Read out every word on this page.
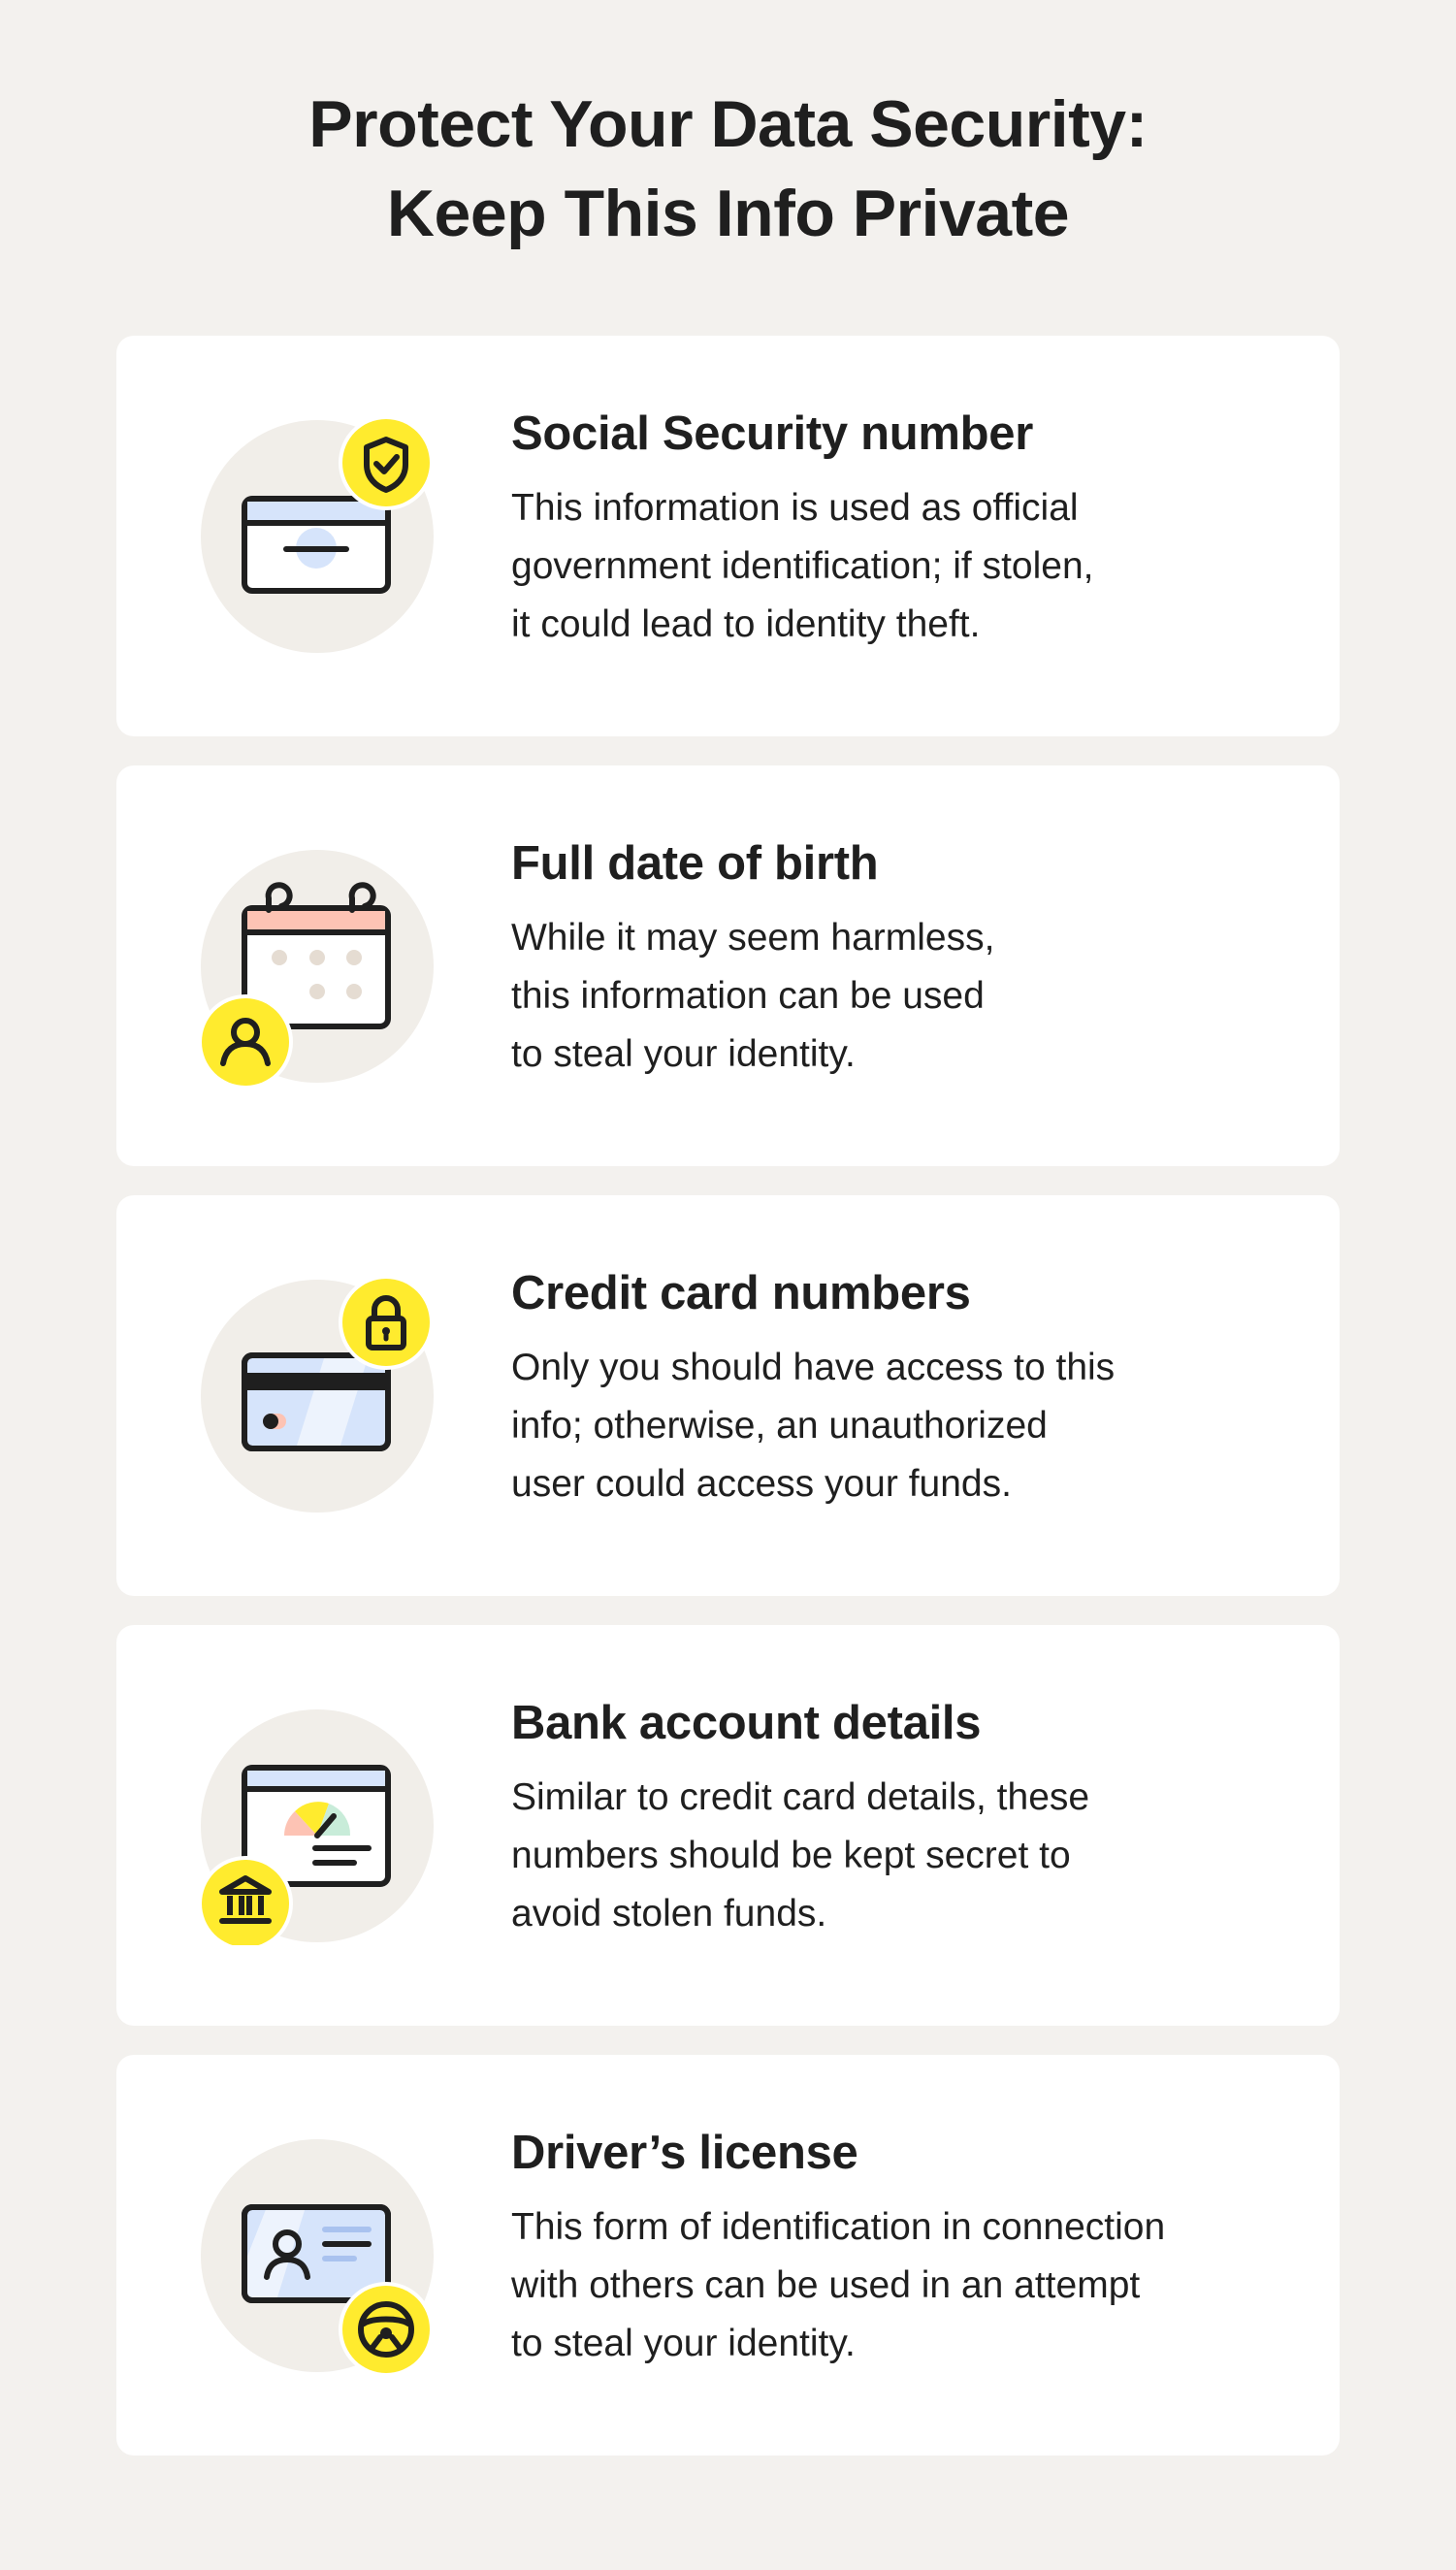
Protect Your Data Security:
Keep This Info Private
Social Security number

This information is used as official
government identification; if stolen,
it could lead to identity theft.

Full date of birth

While it may seem harmless,
this information can be used
to steal your identity.

Credit card numbers

Only you should have access to this
info; otherwise, an unauthorized
user could access your funds.

Bank account details

Similar to credit card details, these
numbers should be kept secret to
avoid stolen funds.

Driver’s license

This form of identification in connection
with others can be used in an attempt
to steal your identity.
